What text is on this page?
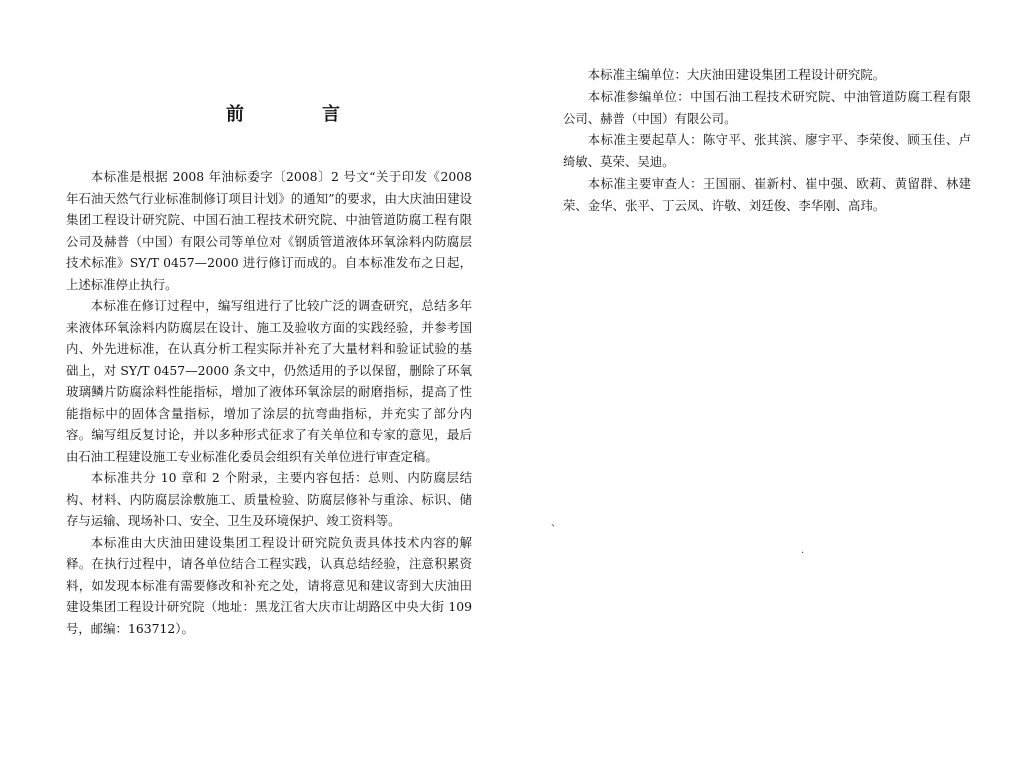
前　言

本标准是根据 2008 年油标委字〔2008〕2 号文“关于印发《2008 年石油天然气行业标准制修订项目计划》的通知”的要求，由大庆油田建设集团工程设计研究院、中国石油工程技术研究院、中油管道防腐工程有限公司及赫普（中国）有限公司等单位对《钢质管道液体环氧涂料内防腐层技术标准》SY/T 0457—2000 进行修订而成的。自本标准发布之日起，上述标准停止执行。

本标准在修订过程中，编写组进行了比较广泛的调查研究，总结多年来液体环氧涂料内防腐层在设计、施工及验收方面的实践经验，并参考国内、外先进标准，在认真分析工程实际并补充了大量材料和验证试验的基础上，对 SY/T 0457—2000 条文中，仍然适用的予以保留，删除了环氧玻璃鳞片防腐涂料性能指标，增加了液体环氧涂层的耐磨指标，提高了性能指标中的固体含量指标，增加了涂层的抗弯曲指标，并充实了部分内容。编写组反复讨论，并以多种形式征求了有关单位和专家的意见，最后由石油工程建设施工专业标准化委员会组织有关单位进行审查定稿。

本标准共分 10 章和 2 个附录，主要内容包括：总则、内防腐层结构、材料、内防腐层涂敷施工、质量检验、防腐层修补与重涂、标识、储存与运输、现场补口、安全、卫生及环境保护、竣工资料等。

本标准由大庆油田建设集团工程设计研究院负责具体技术内容的解释。在执行过程中，请各单位结合工程实践，认真总结经验，注意积累资料，如发现本标准有需要修改和补充之处，请将意见和建议寄到大庆油田建设集团工程设计研究院（地址：黑龙江省大庆市让胡路区中央大街 109 号，邮编：163712）。

本标准主编单位：大庆油田建设集团工程设计研究院。

本标准参编单位：中国石油工程技术研究院、中油管道防腐工程有限公司、赫普（中国）有限公司。

本标准主要起草人：陈守平、张其滨、廖宇平、李荣俊、顾玉佳、卢绮敏、莫荣、吴迪。

本标准主要审查人：王国丽、崔新村、崔中强、欧莉、黄留群、林建荣、金华、张平、丁云凤、许敬、刘廷俊、李华刚、高玮。

、
.
